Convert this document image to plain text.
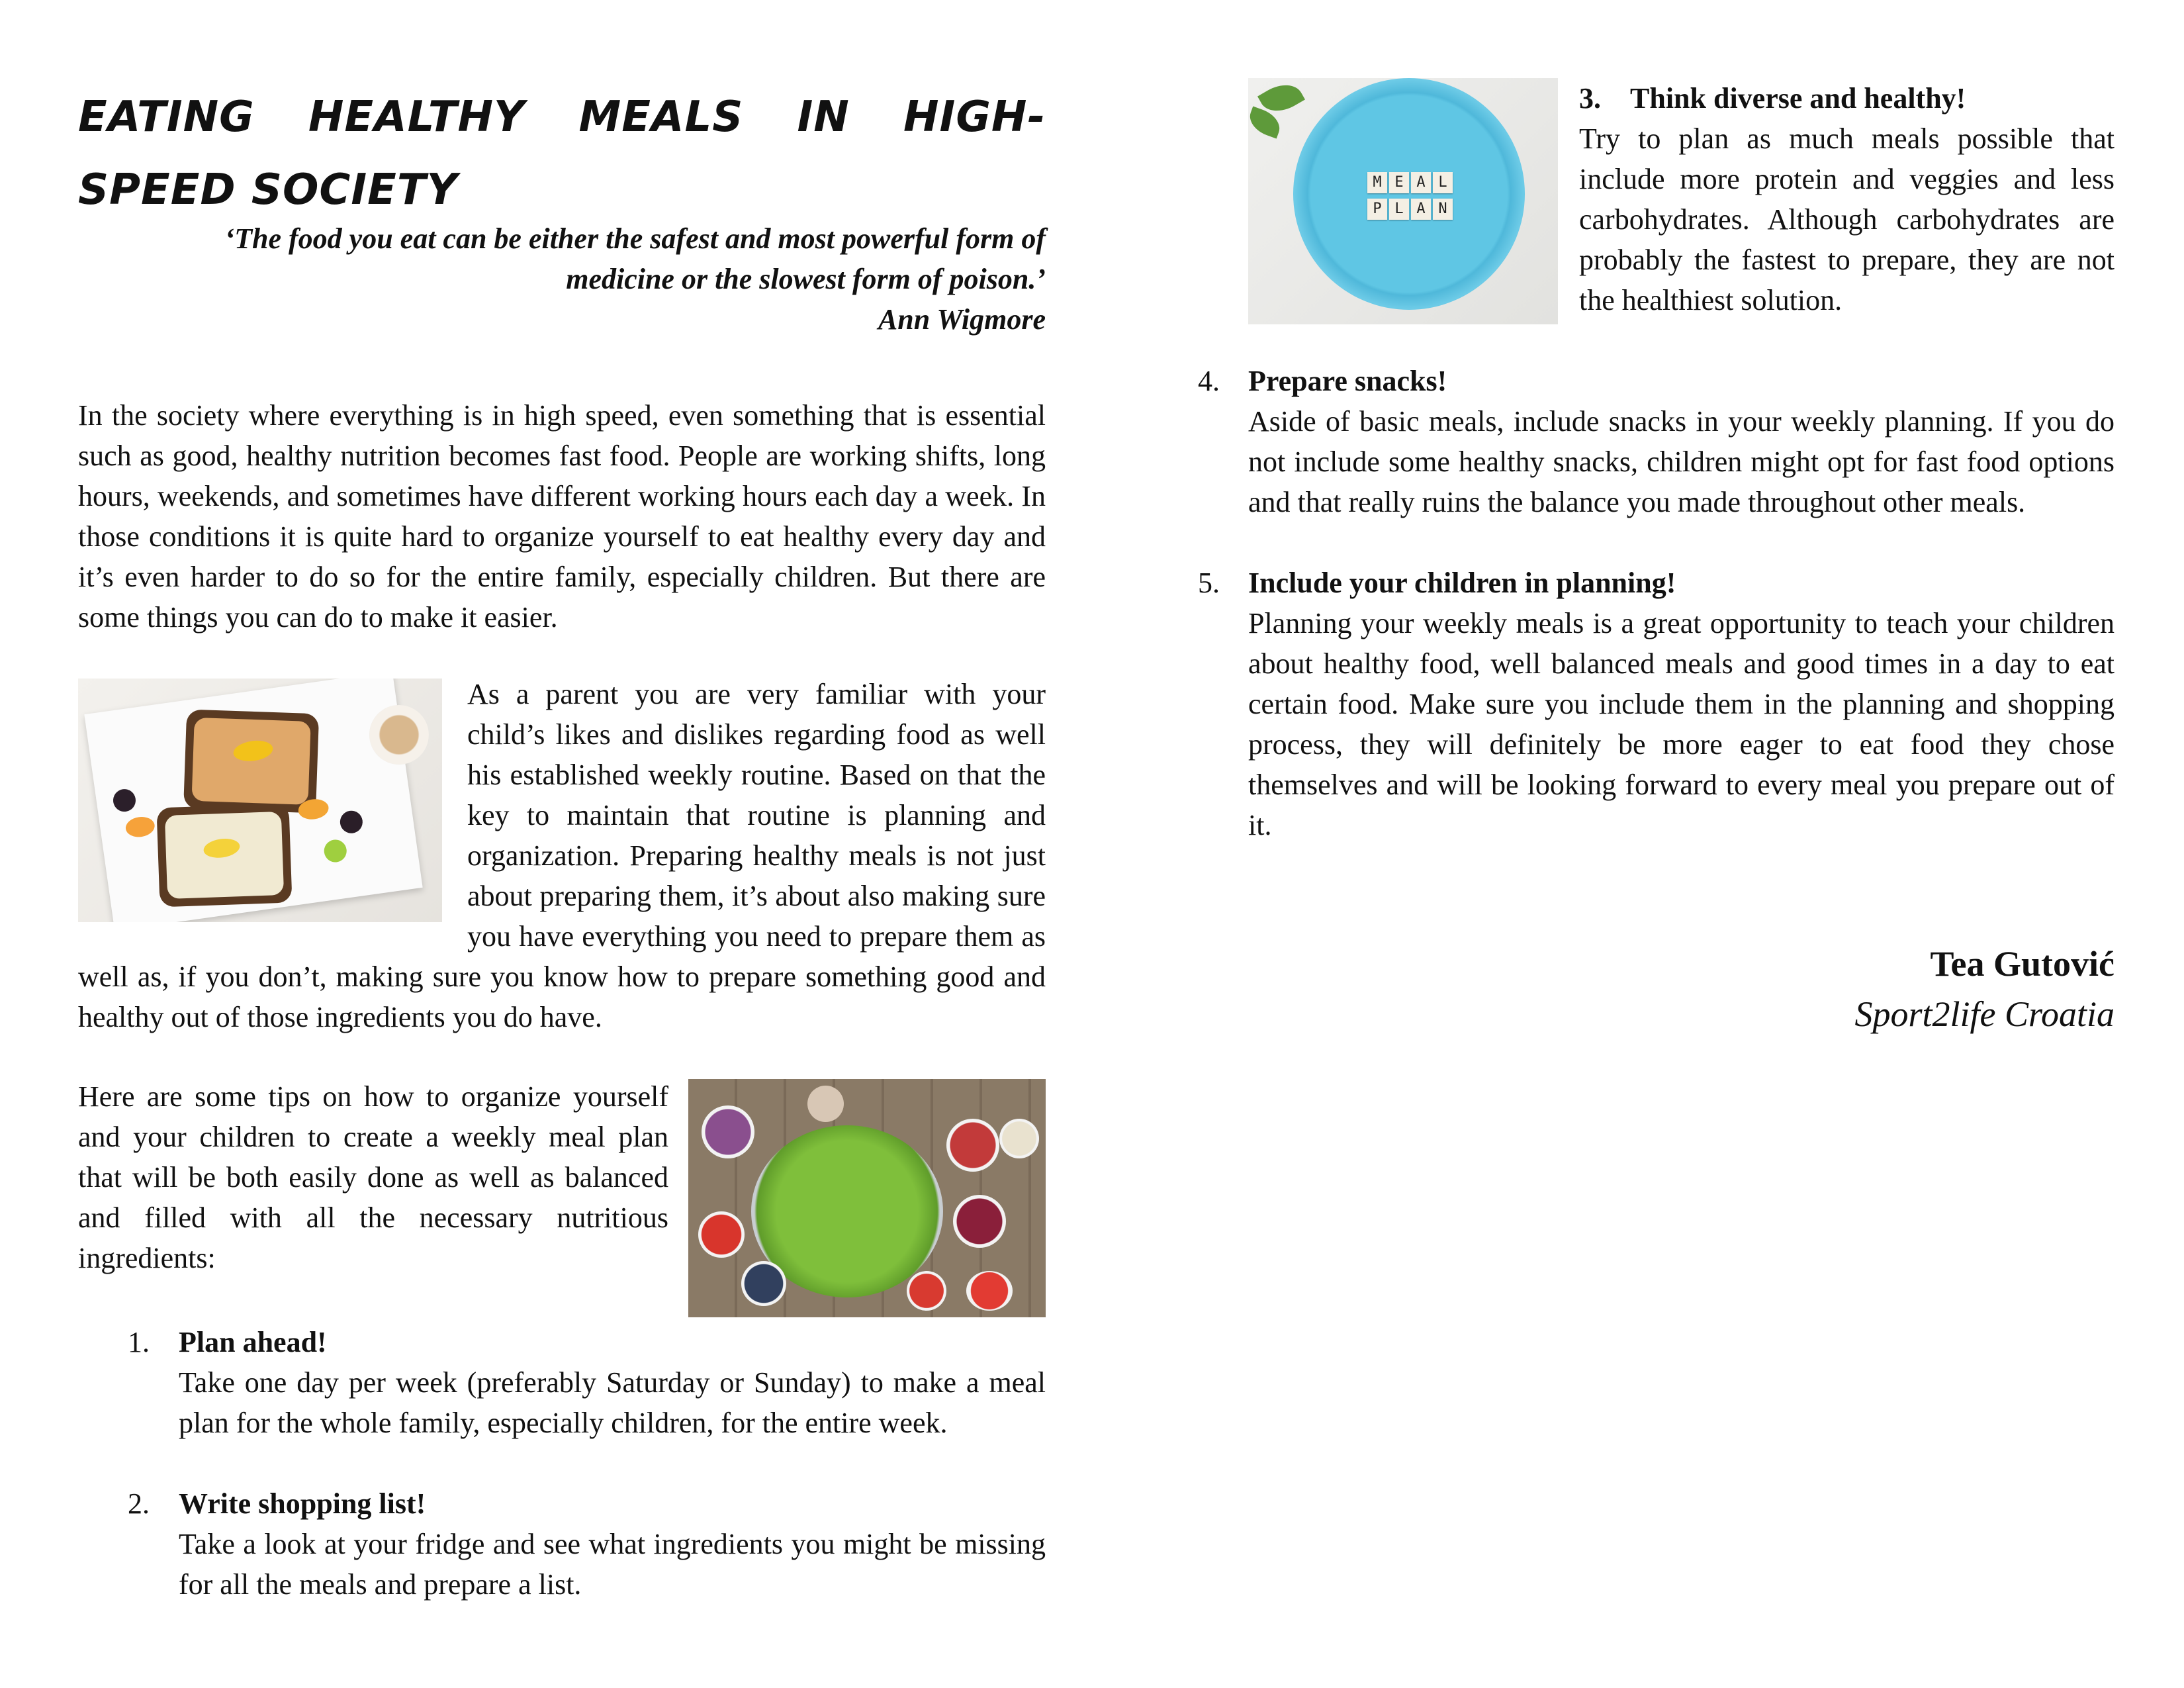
EATING HEALTHY MEALS IN HIGH-SPEED SOCIETY
‘The food you eat can be either the safest and most powerful form of
medicine or the slowest form of poison.’
Ann Wigmore

In the society where everything is in high speed, even something that is essential such as good, healthy nutrition becomes fast food. People are working shifts, long hours, weekends, and sometimes have different working hours each day a week. In those conditions it is quite hard to organize yourself to eat healthy every day and it’s even harder to do so for the entire family, especially children. But there are some things you can do to make it easier.

As a parent you are very familiar with your child’s likes and dislikes regarding food as well his established weekly routine. Based on that the key to maintain that routine is planning and organization. Preparing healthy meals is not just about preparing them, it’s about also making sure you have everything you need to prepare them as well as, if you don’t, making sure you know how to prepare something good and healthy out of those ingredients you do have.

Here are some tips on how to organize yourself and your children to create a weekly meal plan that will be both easily done as well as balanced and filled with all the necessary nutritious ingredients:

1. Plan ahead!
Take one day per week (preferably Saturday or Sunday) to make a meal plan for the whole family, especially children, for the entire week.
2. Write shopping list!
Take a look at your fridge and see what ingredients you might be missing for all the meals and prepare a list.
M E A L
P L A N
3. Think diverse and healthy!
Try to plan as much meals possible that include more protein and veggies and less carbohydrates. Although carbohydrates are probably the fastest to prepare, they are not the healthiest solution.
4. Prepare snacks!
Aside of basic meals, include snacks in your weekly planning. If you do not include some healthy snacks, children might opt for fast food options and that really ruins the balance you made throughout other meals.
5. Include your children in planning!
Planning your weekly meals is a great opportunity to teach your children about healthy food, well balanced meals and good times in a day to eat certain food. Make sure you include them in the planning and shopping process, they will definitely be more eager to eat food they chose themselves and will be looking forward to every meal you prepare out of it.
Tea Gutović
Sport2life Croatia
